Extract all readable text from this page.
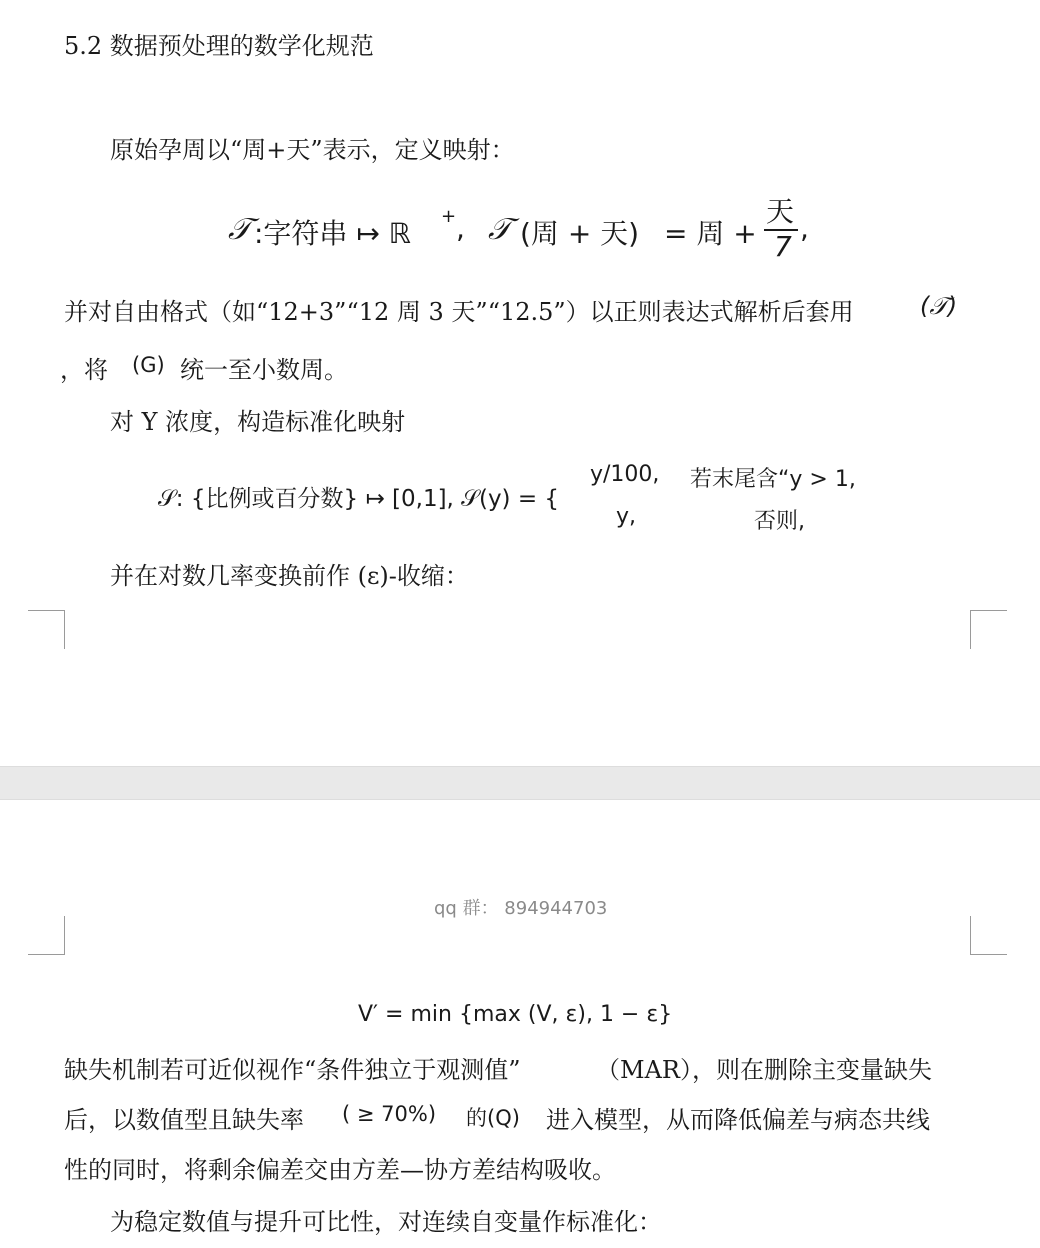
5.2 数据预处理的数学化规范
原始孕周以“周+天”表示，定义映射：
𝒯 :字符串 ↦ ℝ
+ , 𝒯 (周 + 天) = 周 +
天
7
,
并对自由格式（如“12+3”“12 周 3 天”“12.5”）以正则表达式解析后套用	(𝒯)
，将 (G) 统一至小数周。
对 Y 浓度，构造标准化映射
𝒮: {比例或百分数} ↦ [0,1], 𝒮(y) = {
y/100, 若末尾含“y > 1,
y,	否则,
并在对数几率变换前作 (ε)-收缩：
qq 群： 894944703
V′ = min {max (V, ε), 1 − ε}
缺失机制若可近似视作“条件独立于观测值”	（MAR），则在删除主变量缺失
后，以数值型且缺失率 ( ≥ 70%) 的(Q) 进入模型，从而降低偏差与病态共线
性的同时，将剩余偏差交由方差—协方差结构吸收。
为稳定数值与提升可比性，对连续自变量作标准化：
